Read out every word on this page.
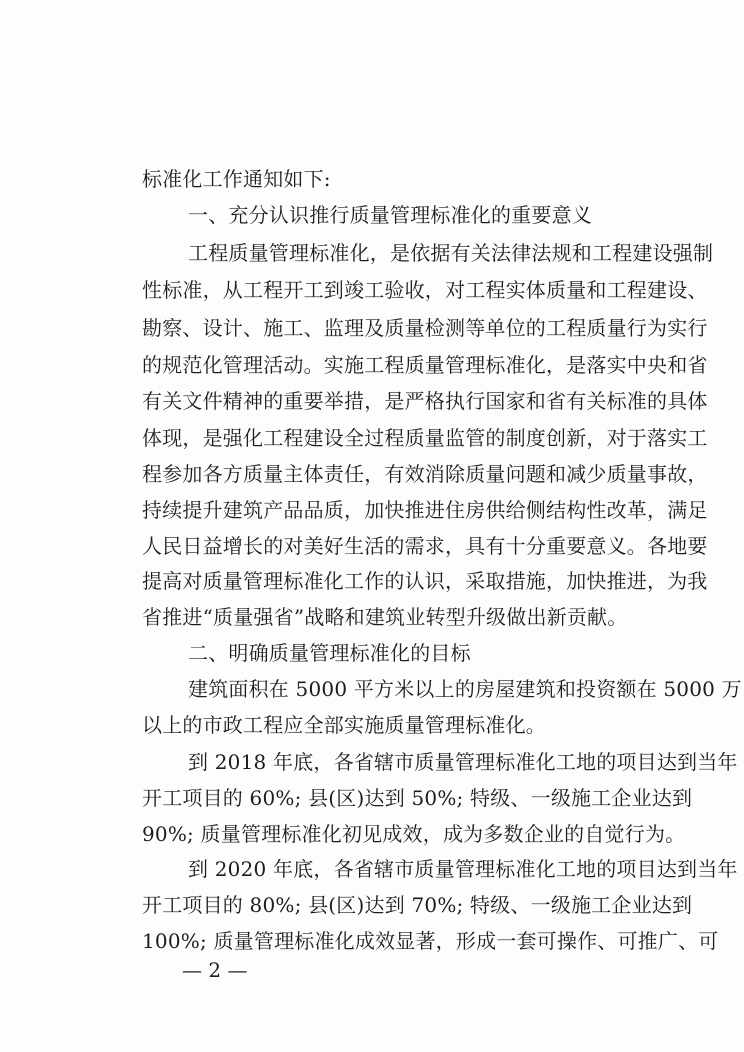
标准化工作通知如下:
一、充分认识推行质量管理标准化的重要意义
工程质量管理标准化，是依据有关法律法规和工程建设强制
性标准，从工程开工到竣工验收，对工程实体质量和工程建设、
勘察、设计、施工、监理及质量检测等单位的工程质量行为实行
的规范化管理活动。实施工程质量管理标准化，是落实中央和省
有关文件精神的重要举措，是严格执行国家和省有关标准的具体
体现，是强化工程建设全过程质量监管的制度创新，对于落实工
程参加各方质量主体责任，有效消除质量问题和减少质量事故，
持续提升建筑产品品质，加快推进住房供给侧结构性改革，满足
人民日益增长的对美好生活的需求，具有十分重要意义。各地要
提高对质量管理标准化工作的认识，采取措施，加快推进，为我
省推进“质量强省”战略和建筑业转型升级做出新贡献。
二、明确质量管理标准化的目标
建筑面积在 5000 平方米以上的房屋建筑和投资额在 5000 万
以上的市政工程应全部实施质量管理标准化。
到 2018 年底，各省辖市质量管理标准化工地的项目达到当年
开工项目的 60%; 县(区)达到 50%; 特级、一级施工企业达到
90%; 质量管理标准化初见成效，成为多数企业的自觉行为。
到 2020 年底，各省辖市质量管理标准化工地的项目达到当年
开工项目的 80%; 县(区)达到 70%; 特级、一级施工企业达到
100%; 质量管理标准化成效显著，形成一套可操作、可推广、可
— 2 —
